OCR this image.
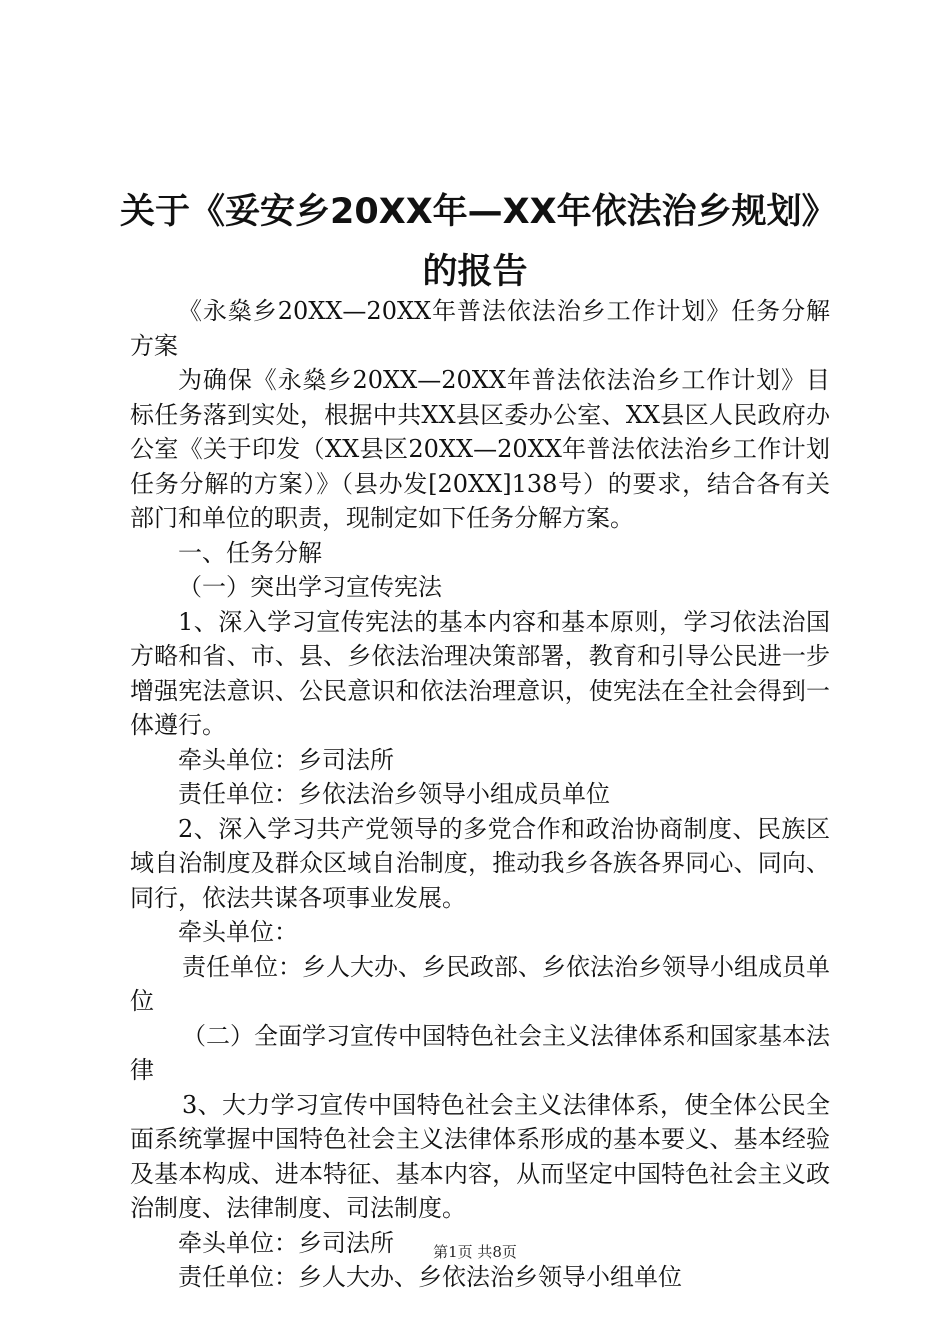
关于《妥安乡20XX年—XX年依法治乡规划》
的报告

《永燊乡20XX—20XX年普法依法治乡工作计划》任务分解方案

为确保《永燊乡20XX—20XX年普法依法治乡工作计划》目标任务落到实处，根据中共XX县区委办公室、XX县区人民政府办公室《关于印发（XX县区20XX—20XX年普法依法治乡工作计划任务分解的方案）》（县办发[20XX]138号）的要求，结合各有关部门和单位的职责，现制定如下任务分解方案。

一、任务分解

（一）突出学习宣传宪法

1、深入学习宣传宪法的基本内容和基本原则，学习依法治国方略和省、市、县、乡依法治理决策部署，教育和引导公民进一步增强宪法意识、公民意识和依法治理意识，使宪法在全社会得到一体遵行。

牵头单位：乡司法所

责任单位：乡依法治乡领导小组成员单位

2、深入学习共产党领导的多党合作和政治协商制度、民族区域自治制度及群众区域自治制度，推动我乡各族各界同心、同向、同行，依法共谋各项事业发展。

牵头单位：

责任单位：乡人大办、乡民政部、乡依法治乡领导小组成员单位

（二）全面学习宣传中国特色社会主义法律体系和国家基本法律

3、大力学习宣传中国特色社会主义法律体系，使全体公民全面系统掌握中国特色社会主义法律体系形成的基本要义、基本经验及基本构成、进本特征、基本内容，从而坚定中国特色社会主义政治制度、法律制度、司法制度。

牵头单位：乡司法所

责任单位：乡人大办、乡依法治乡领导小组单位

第1页 共8页
